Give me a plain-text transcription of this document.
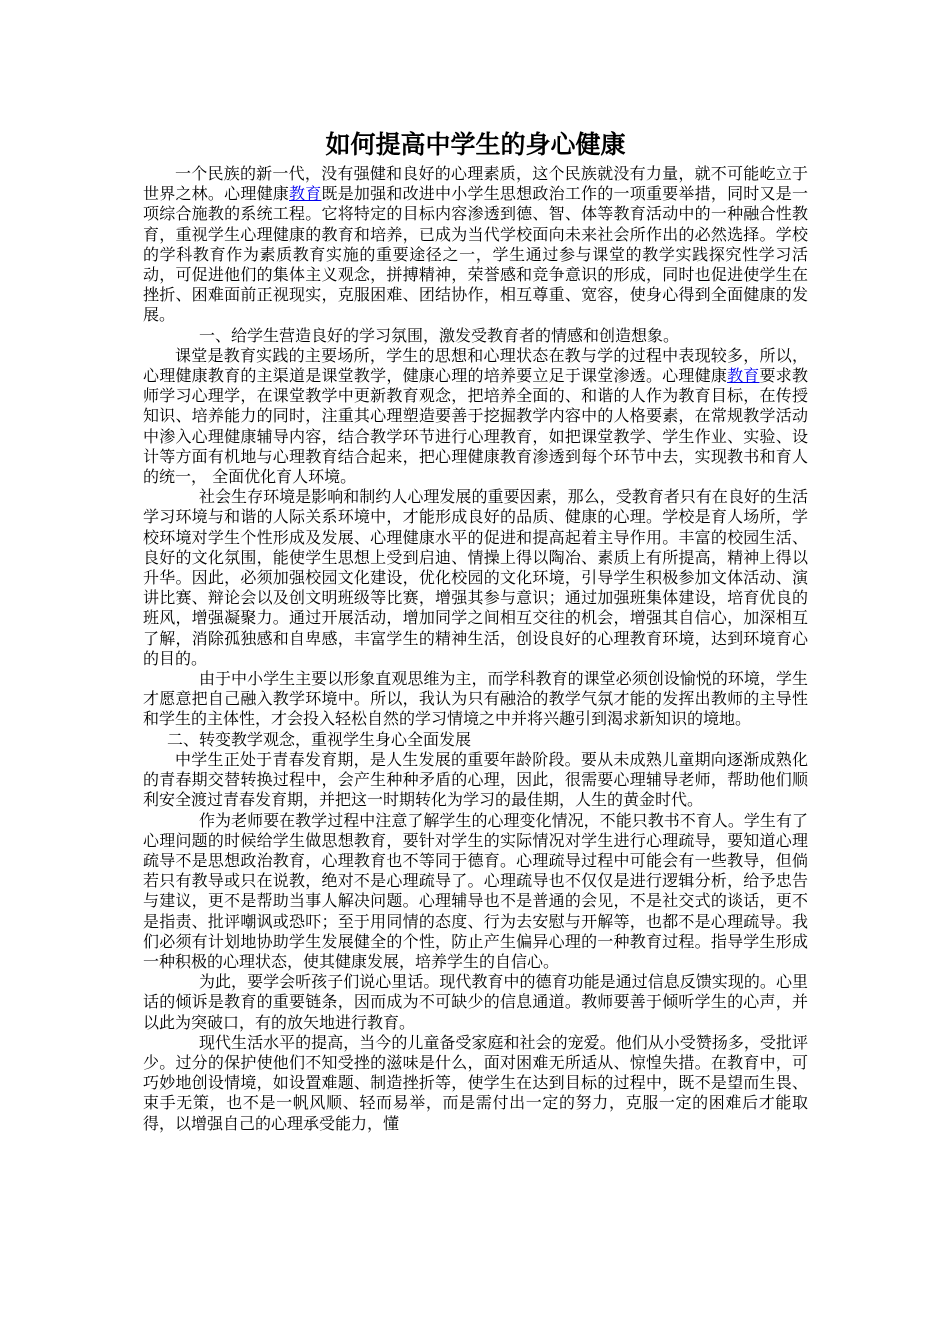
如何提高中学生的身心健康

一个民族的新一代，没有强健和良好的心理素质，这个民族就没有力量，就不可能屹立于世界之林。心理健康教育既是加强和改进中小学生思想政治工作的一项重要举措，同时又是一项综合施教的系统工程。它将特定的目标内容渗透到德、智、体等教育活动中的一种融合性教育，重视学生心理健康的教育和培养，已成为当代学校面向未来社会所作出的必然选择。学校的学科教育作为素质教育实施的重要途径之一，学生通过参与课堂的教学实践探究性学习活动，可促进他们的集体主义观念，拼搏精神，荣誉感和竞争意识的形成，同时也促进使学生在挫折、困难面前正视现实，克服困难、团结协作，相互尊重、宽容，使身心得到全面健康的发展。

一、给学生营造良好的学习氛围，激发受教育者的情感和创造想象。

课堂是教育实践的主要场所，学生的思想和心理状态在教与学的过程中表现较多，所以，心理健康教育的主渠道是课堂教学，健康心理的培养要立足于课堂渗透。心理健康教育要求教师学习心理学，在课堂教学中更新教育观念，把培养全面的、和谐的人作为教育目标，在传授知识、培养能力的同时，注重其心理塑造要善于挖掘教学内容中的人格要素，在常规教学活动中渗入心理健康辅导内容，结合教学环节进行心理教育，如把课堂教学、学生作业、实验、设计等方面有机地与心理教育结合起来，把心理健康教育渗透到每个环节中去，实现教书和育人的统一， 全面优化育人环境。

社会生存环境是影响和制约人心理发展的重要因素，那么，受教育者只有在良好的生活学习环境与和谐的人际关系环境中，才能形成良好的品质、健康的心理。学校是育人场所，学校环境对学生个性形成及发展、心理健康水平的促进和提高起着主导作用。丰富的校园生活、良好的文化氛围，能使学生思想上受到启迪、情操上得以陶冶、素质上有所提高，精神上得以升华。因此，必须加强校园文化建设，优化校园的文化环境，引导学生积极参加文体活动、演讲比赛、辩论会以及创文明班级等比赛，增强其参与意识；通过加强班集体建设，培育优良的班风，增强凝聚力。通过开展活动，增加同学之间相互交往的机会，增强其自信心，加深相互了解，消除孤独感和自卑感，丰富学生的精神生活，创设良好的心理教育环境，达到环境育心的目的。

由于中小学生主要以形象直观思维为主，而学科教育的课堂必须创设愉悦的环境，学生才愿意把自己融入教学环境中。所以，我认为只有融洽的教学气氛才能的发挥出教师的主导性和学生的主体性，才会投入轻松自然的学习情境之中并将兴趣引到渴求新知识的境地。

二、转变教学观念，重视学生身心全面发展

中学生正处于青春发育期，是人生发展的重要年龄阶段。要从未成熟儿童期向逐渐成熟化的青春期交替转换过程中，会产生种种矛盾的心理，因此，很需要心理辅导老师，帮助他们顺利安全渡过青春发育期，并把这一时期转化为学习的最佳期，人生的黄金时代。

作为老师要在教学过程中注意了解学生的心理变化情况，不能只教书不育人。学生有了心理问题的时候给学生做思想教育，要针对学生的实际情况对学生进行心理疏导，要知道心理疏导不是思想政治教育，心理教育也不等同于德育。心理疏导过程中可能会有一些教导，但倘若只有教导或只在说教，绝对不是心理疏导了。心理疏导也不仅仅是进行逻辑分析，给予忠告与建议，更不是帮助当事人解决问题。心理辅导也不是普通的会见，不是社交式的谈话，更不是指责、批评嘲讽或恐吓；至于用同情的态度、行为去安慰与开解等，也都不是心理疏导。我们必须有计划地协助学生发展健全的个性，防止产生偏异心理的一种教育过程。指导学生形成一种积极的心理状态，使其健康发展，培养学生的自信心。

为此，要学会听孩子们说心里话。现代教育中的德育功能是通过信息反馈实现的。心里话的倾诉是教育的重要链条，因而成为不可缺少的信息通道。教师要善于倾听学生的心声，并以此为突破口，有的放矢地进行教育。

现代生活水平的提高，当今的儿童备受家庭和社会的宠爱。他们从小受赞扬多，受批评少。过分的保护使他们不知受挫的滋味是什么，面对困难无所适从、惊惶失措。在教育中，可巧妙地创设情境，如设置难题、制造挫折等，使学生在达到目标的过程中，既不是望而生畏、束手无策，也不是一帆风顺、轻而易举，而是需付出一定的努力，克服一定的困难后才能取得，以增强自己的心理承受能力，懂
